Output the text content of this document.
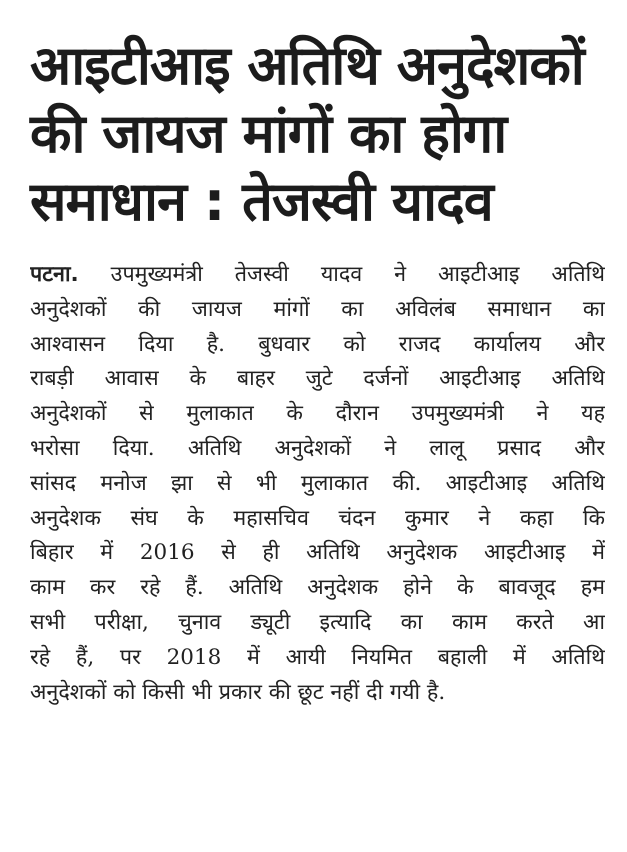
आइटीआइ अतिथि अनुदेशकों
की जायज मांगों का होगा
समाधान : तेजस्वी यादव
पटना. उपमुख्यमंत्री तेजस्वी यादव ने आइटीआइ अतिथि
अनुदेशकों की जायज मांगों का अविलंब समाधान का
आश्वासन दिया है. बुधवार को राजद कार्यालय और
राबड़ी आवास के बाहर जुटे दर्जनों आइटीआइ अतिथि
अनुदेशकों से मुलाकात के दौरान उपमुख्यमंत्री ने यह
भरोसा दिया. अतिथि अनुदेशकों ने लालू प्रसाद और
सांसद मनोज झा से भी मुलाकात की. आइटीआइ अतिथि
अनुदेशक संघ के महासचिव चंदन कुमार ने कहा कि
बिहार में 2016 से ही अतिथि अनुदेशक आइटीआइ में
काम कर रहे हैं. अतिथि अनुदेशक होने के बावजूद हम
सभी परीक्षा, चुनाव ड्यूटी इत्यादि का काम करते आ
रहे हैं, पर 2018 में आयी नियमित बहाली में अतिथि
अनुदेशकों को किसी भी प्रकार की छूट नहीं दी गयी है.
